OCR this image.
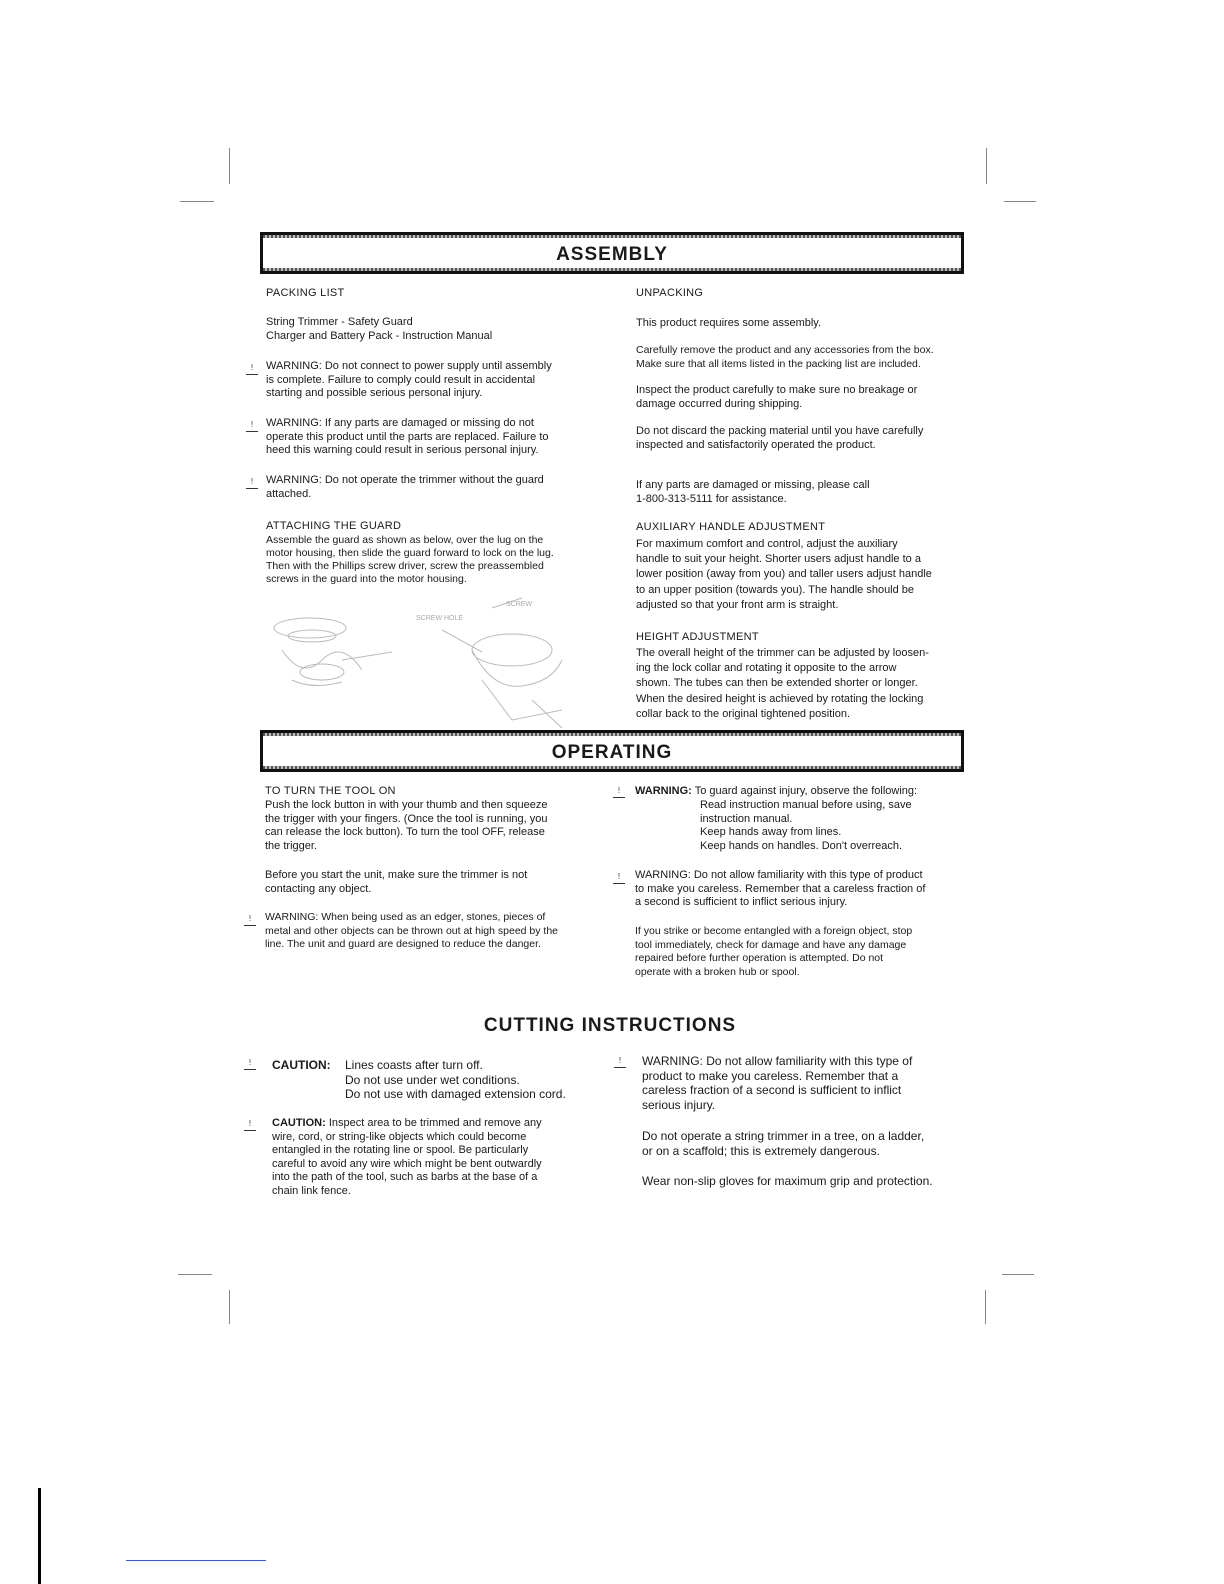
ASSEMBLY
PACKING LIST
String Trimmer - Safety Guard
Charger and Battery Pack - Instruction Manual
!	WARNING: Do not connect to power supply until assembly
is complete. Failure to comply could result in accidental
starting and possible serious personal injury.
!	WARNING: If any parts are damaged or missing do not
operate this product until the parts are replaced. Failure to
heed this warning could result in serious personal injury.
!	WARNING: Do not operate the trimmer without the guard
attached.
ATTACHING THE GUARD
Assemble the guard as shown as below, over the lug on the
motor housing, then slide the guard forward to lock on the lug.
Then with the Phillips screw driver, screw the preassembled
screws in the guard into the motor housing.
SCREW
SCREW HOLE
UNPACKING
This product requires some assembly.
Carefully remove the product and any accessories from the box.
Make sure that all items listed in the packing list are included.
Inspect the product carefully to make sure no breakage or
damage occurred during shipping.
Do not discard the packing material until you have carefully
inspected and satisfactorily operated the product.
If any parts are damaged or missing, please call
1-800-313-5111 for assistance.
AUXILIARY HANDLE ADJUSTMENT
For maximum comfort and control, adjust the auxiliary
handle to suit your height. Shorter users adjust handle to a
lower position (away from you) and taller users adjust handle
to an upper position (towards you). The handle should be
adjusted so that your front arm is straight.
HEIGHT ADJUSTMENT
The overall height of the trimmer can be adjusted by loosen-
ing the lock collar and rotating it opposite to the arrow
shown. The tubes can then be extended shorter or longer.
When the desired height is achieved by rotating the locking
collar back to the original tightened position.
OPERATING
TO TURN THE TOOL ON
Push the lock button in with your thumb and then squeeze
the trigger with your fingers. (Once the tool is running, you
can release the lock button). To turn the tool OFF, release
the trigger.
Before you start the unit, make sure the trimmer is not
contacting any object.
!	WARNING: When being used as an edger, stones, pieces of
metal and other objects can be thrown out at high speed by the
line. The unit and guard are designed to reduce the danger.
!	WARNING: To guard against injury, observe the following:
Read instruction manual before using, save
instruction manual.
Keep hands away from lines.
Keep hands on handles. Don't overreach.
!	WARNING: Do not allow familiarity with this type of product
to make you careless. Remember that a careless fraction of
a second is sufficient to inflict serious injury.
If you strike or become entangled with a foreign object, stop
tool immediately, check for damage and have any damage
repaired before further operation is attempted. Do not
operate with a broken hub or spool.
CUTTING INSTRUCTIONS
!	CAUTION: Lines coasts after turn off.
Do not use under wet conditions.
Do not use with damaged extension cord.
!	CAUTION: Inspect area to be trimmed and remove any
wire, cord, or string-like objects which could become
entangled in the rotating line or spool. Be particularly
careful to avoid any wire which might be bent outwardly
into the path of the tool, such as barbs at the base of a
chain link fence.
!	WARNING: Do not allow familiarity with this type of
product to make you careless. Remember that a
careless fraction of a second is sufficient to inflict
serious injury.
Do not operate a string trimmer in a tree, on a ladder,
or on a scaffold; this is extremely dangerous.
Wear non-slip gloves for maximum grip and protection.
